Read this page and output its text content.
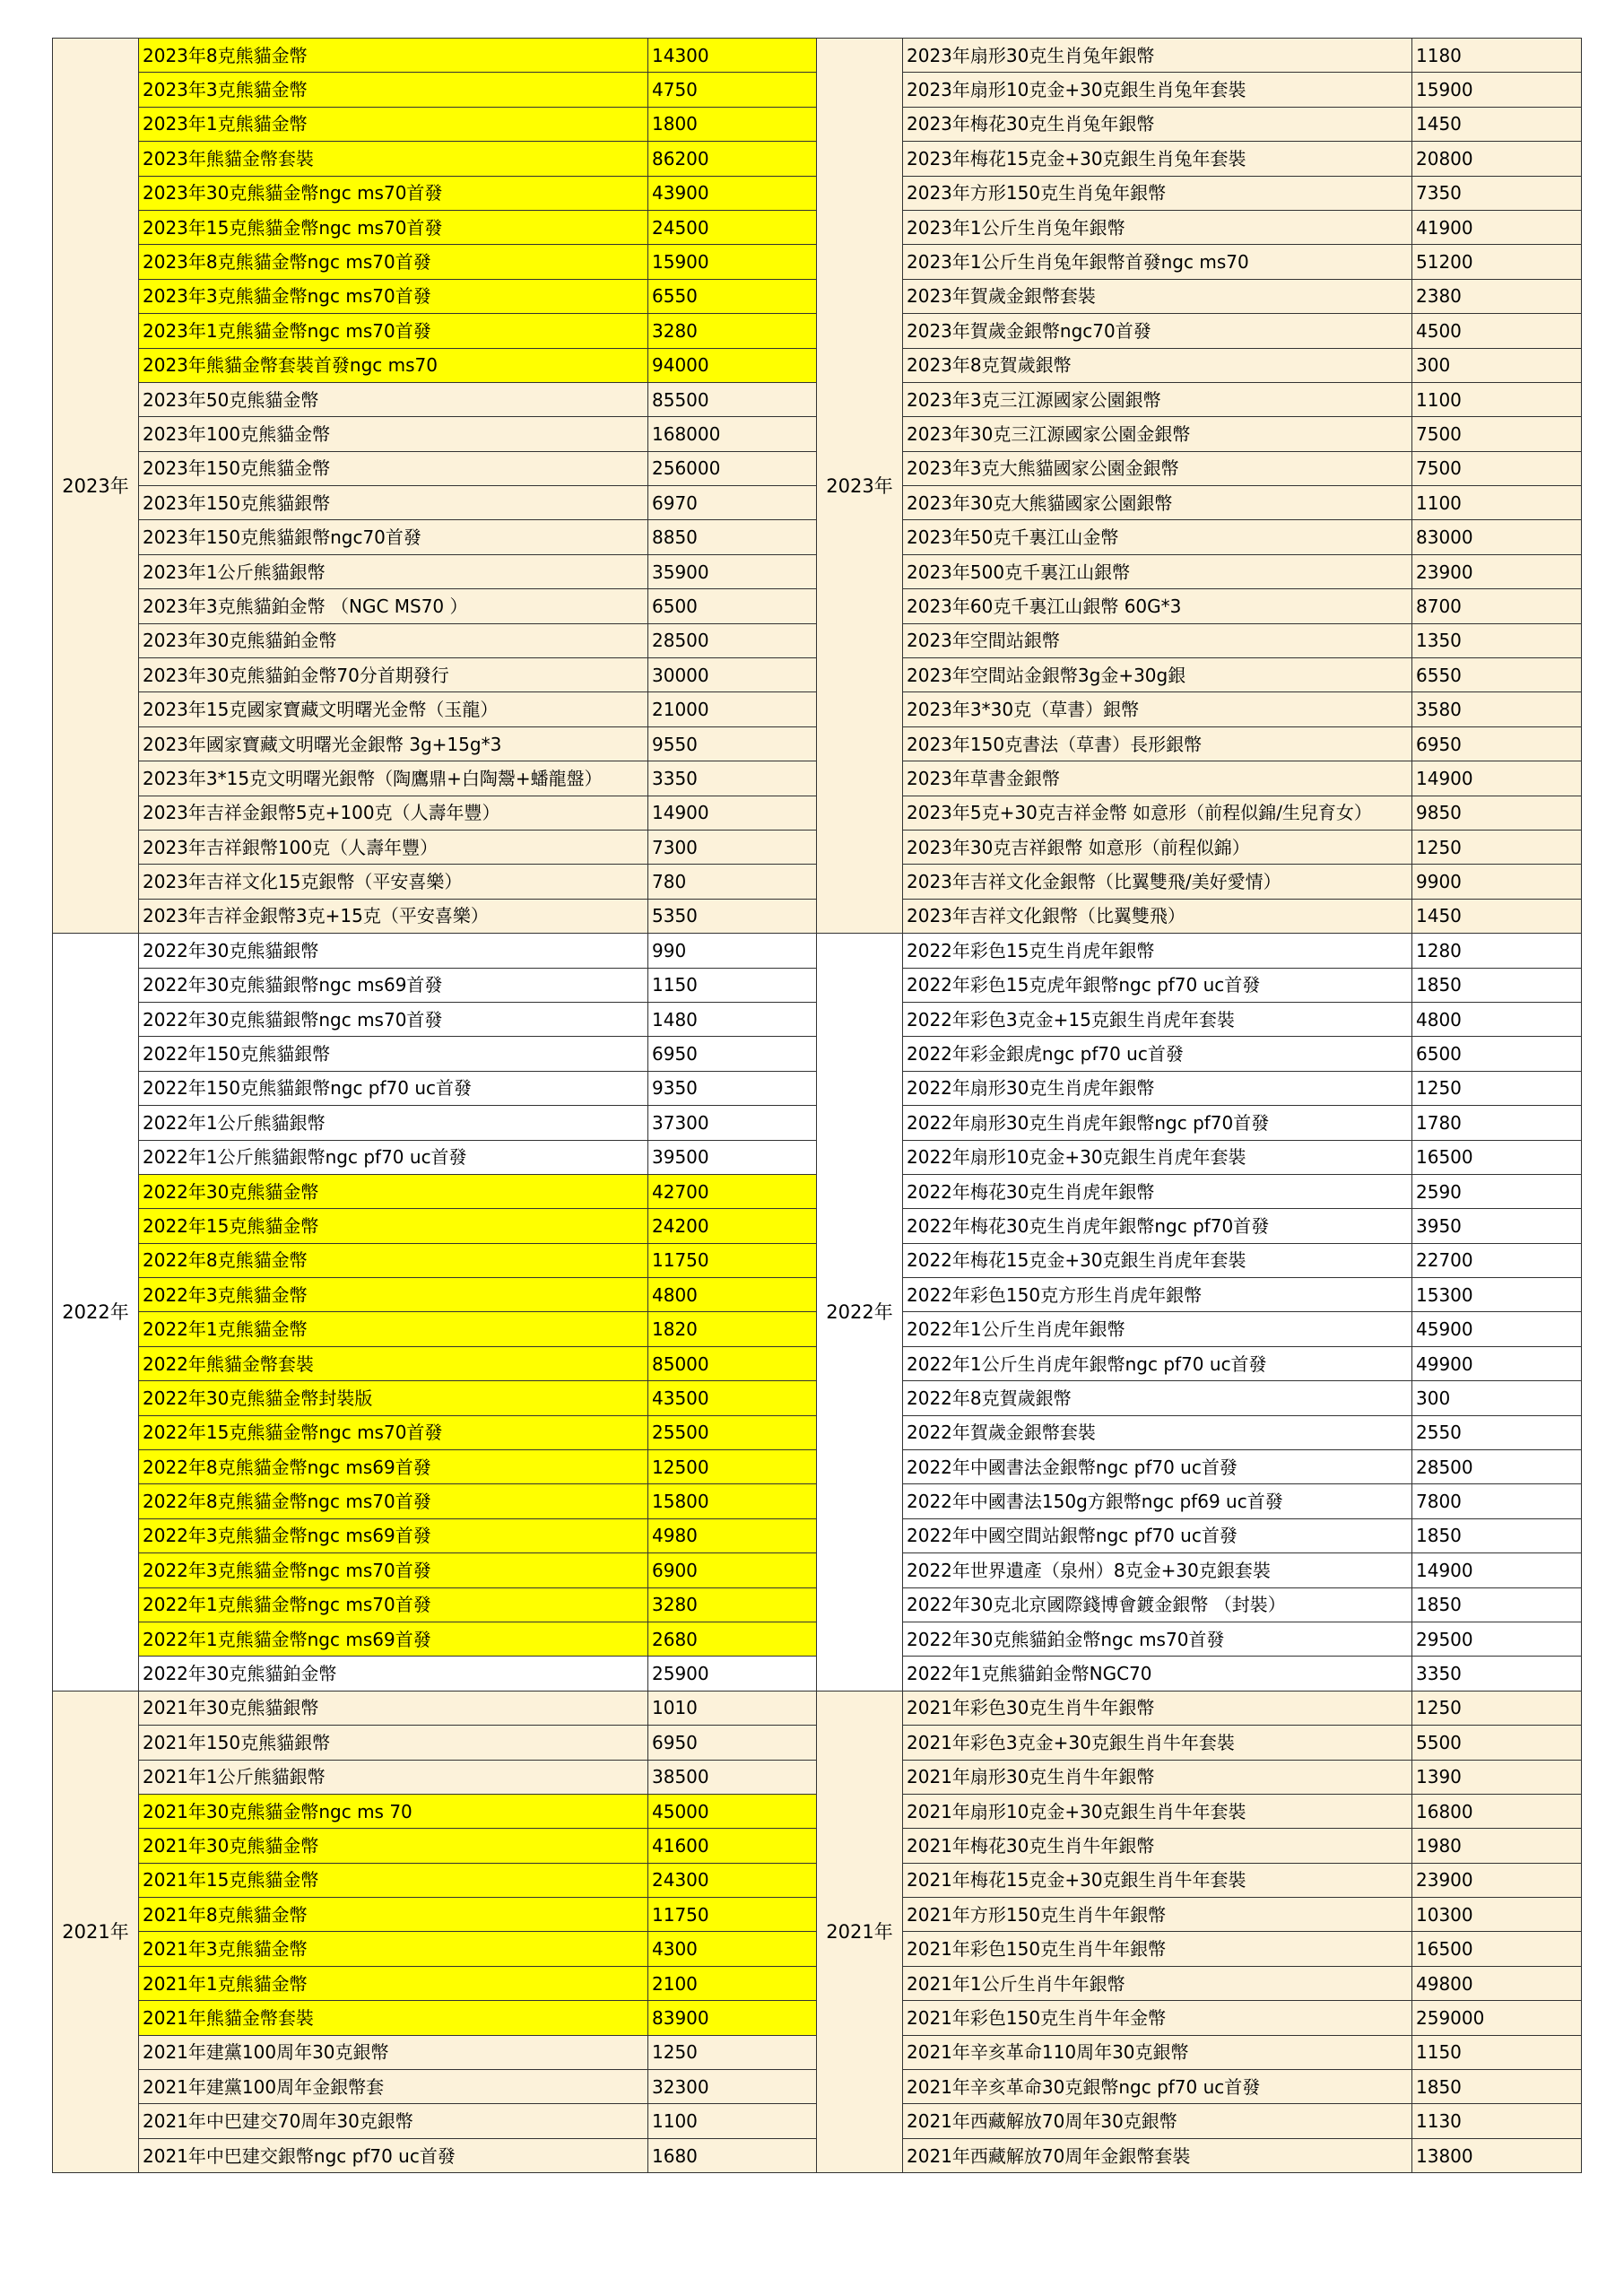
2023年	2023年8克熊貓金幣	14300
	2023年3克熊貓金幣	4750
	2023年1克熊貓金幣	1800
	2023年熊貓金幣套裝	86200
	2023年30克熊貓金幣ngc ms70首發	43900
	2023年15克熊貓金幣ngc ms70首發	24500
	2023年8克熊貓金幣ngc ms70首發	15900
	2023年3克熊貓金幣ngc ms70首發	6550
	2023年1克熊貓金幣ngc ms70首發	3280
	2023年熊貓金幣套裝首發ngc ms70	94000
	2023年50克熊貓金幣	85500
	2023年100克熊貓金幣	168000
	2023年150克熊貓金幣	256000
	2023年150克熊貓銀幣	6970
	2023年150克熊貓銀幣ngc70首發	8850
	2023年1公斤熊貓銀幣	35900
	2023年3克熊貓鉑金幣 （NGC MS70 ）	6500
	2023年30克熊貓鉑金幣	28500
	2023年30克熊貓鉑金幣70分首期發行	30000
	2023年15克國家寶藏文明曙光金幣（玉龍）	21000
	2023年國家寶藏文明曙光金銀幣 3g+15g*3	9550
	2023年3*15克文明曙光銀幣（陶鷹鼎+白陶鬶+蟠龍盤）	3350
	2023年吉祥金銀幣5克+100克（人壽年豐）	14900
	2023年吉祥銀幣100克（人壽年豐）	7300
	2023年吉祥文化15克銀幣（平安喜樂）	780
	2023年吉祥金銀幣3克+15克（平安喜樂）	5350
2022年	2022年30克熊貓銀幣	990
	2022年30克熊貓銀幣ngc ms69首發	1150
	2022年30克熊貓銀幣ngc ms70首發	1480
	2022年150克熊貓銀幣	6950
	2022年150克熊貓銀幣ngc pf70 uc首發	9350
	2022年1公斤熊貓銀幣	37300
	2022年1公斤熊貓銀幣ngc pf70 uc首發	39500
	2022年30克熊貓金幣	42700
	2022年15克熊貓金幣	24200
	2022年8克熊貓金幣	11750
	2022年3克熊貓金幣	4800
	2022年1克熊貓金幣	1820
	2022年熊貓金幣套裝	85000
	2022年30克熊貓金幣封裝版	43500
	2022年15克熊貓金幣ngc ms70首發	25500
	2022年8克熊貓金幣ngc ms69首發	12500
	2022年8克熊貓金幣ngc ms70首發	15800
	2022年3克熊貓金幣ngc ms69首發	4980
	2022年3克熊貓金幣ngc ms70首發	6900
	2022年1克熊貓金幣ngc ms70首發	3280
	2022年1克熊貓金幣ngc ms69首發	2680
	2022年30克熊貓鉑金幣	25900
2021年	2021年30克熊貓銀幣	1010
	2021年150克熊貓銀幣	6950
	2021年1公斤熊貓銀幣	38500
	2021年30克熊貓金幣ngc ms 70	45000
	2021年30克熊貓金幣	41600
	2021年15克熊貓金幣	24300
	2021年8克熊貓金幣	11750
	2021年3克熊貓金幣	4300
	2021年1克熊貓金幣	2100
	2021年熊貓金幣套裝	83900
	2021年建黨100周年30克銀幣	1250
	2021年建黨100周年金銀幣套	32300
	2021年中巴建交70周年30克銀幣	1100
	2021年中巴建交銀幣ngc pf70 uc首發	1680
2023年	2023年扇形30克生肖兔年銀幣	1180
	2023年扇形10克金+30克銀生肖兔年套裝	15900
	2023年梅花30克生肖兔年銀幣	1450
	2023年梅花15克金+30克銀生肖兔年套裝	20800
	2023年方形150克生肖兔年銀幣	7350
	2023年1公斤生肖兔年銀幣	41900
	2023年1公斤生肖兔年銀幣首發ngc ms70	51200
	2023年賀歲金銀幣套裝	2380
	2023年賀歲金銀幣ngc70首發	4500
	2023年8克賀歲銀幣	300
	2023年3克三江源國家公園銀幣	1100
	2023年30克三江源國家公園金銀幣	7500
	2023年3克大熊貓國家公園金銀幣	7500
	2023年30克大熊貓國家公園銀幣	1100
	2023年50克千裏江山金幣	83000
	2023年500克千裏江山銀幣	23900
	2023年60克千裏江山銀幣 60G*3	8700
	2023年空間站銀幣	1350
	2023年空間站金銀幣3g金+30g銀	6550
	2023年3*30克（草書）銀幣	3580
	2023年150克書法（草書）長形銀幣	6950
	2023年草書金銀幣	14900
	2023年5克+30克吉祥金幣 如意形（前程似錦/生兒育女）	9850
	2023年30克吉祥銀幣 如意形（前程似錦）	1250
	2023年吉祥文化金銀幣（比翼雙飛/美好愛情）	9900
	2023年吉祥文化銀幣（比翼雙飛）	1450
2022年	2022年彩色15克生肖虎年銀幣	1280
	2022年彩色15克虎年銀幣ngc pf70 uc首發	1850
	2022年彩色3克金+15克銀生肖虎年套裝	4800
	2022年彩金銀虎ngc pf70 uc首發	6500
	2022年扇形30克生肖虎年銀幣	1250
	2022年扇形30克生肖虎年銀幣ngc pf70首發	1780
	2022年扇形10克金+30克銀生肖虎年套裝	16500
	2022年梅花30克生肖虎年銀幣	2590
	2022年梅花30克生肖虎年銀幣ngc pf70首發	3950
	2022年梅花15克金+30克銀生肖虎年套裝	22700
	2022年彩色150克方形生肖虎年銀幣	15300
	2022年1公斤生肖虎年銀幣	45900
	2022年1公斤生肖虎年銀幣ngc pf70 uc首發	49900
	2022年8克賀歲銀幣	300
	2022年賀歲金銀幣套裝	2550
	2022年中國書法金銀幣ngc pf70 uc首發	28500
	2022年中國書法150g方銀幣ngc pf69 uc首發	7800
	2022年中國空間站銀幣ngc pf70 uc首發	1850
	2022年世界遺產（泉州）8克金+30克銀套裝	14900
	2022年30克北京國際錢博會鍍金銀幣 （封裝）	1850
	2022年30克熊貓鉑金幣ngc ms70首發	29500
	2022年1克熊貓鉑金幣NGC70	3350
2021年	2021年彩色30克生肖牛年銀幣	1250
	2021年彩色3克金+30克銀生肖牛年套裝	5500
	2021年扇形30克生肖牛年銀幣	1390
	2021年扇形10克金+30克銀生肖牛年套裝	16800
	2021年梅花30克生肖牛年銀幣	1980
	2021年梅花15克金+30克銀生肖牛年套裝	23900
	2021年方形150克生肖牛年銀幣	10300
	2021年彩色150克生肖牛年銀幣	16500
	2021年1公斤生肖牛年銀幣	49800
	2021年彩色150克生肖牛年金幣	259000
	2021年辛亥革命110周年30克銀幣	1150
	2021年辛亥革命30克銀幣ngc pf70 uc首發	1850
	2021年西藏解放70周年30克銀幣	1130
	2021年西藏解放70周年金銀幣套裝	13800
